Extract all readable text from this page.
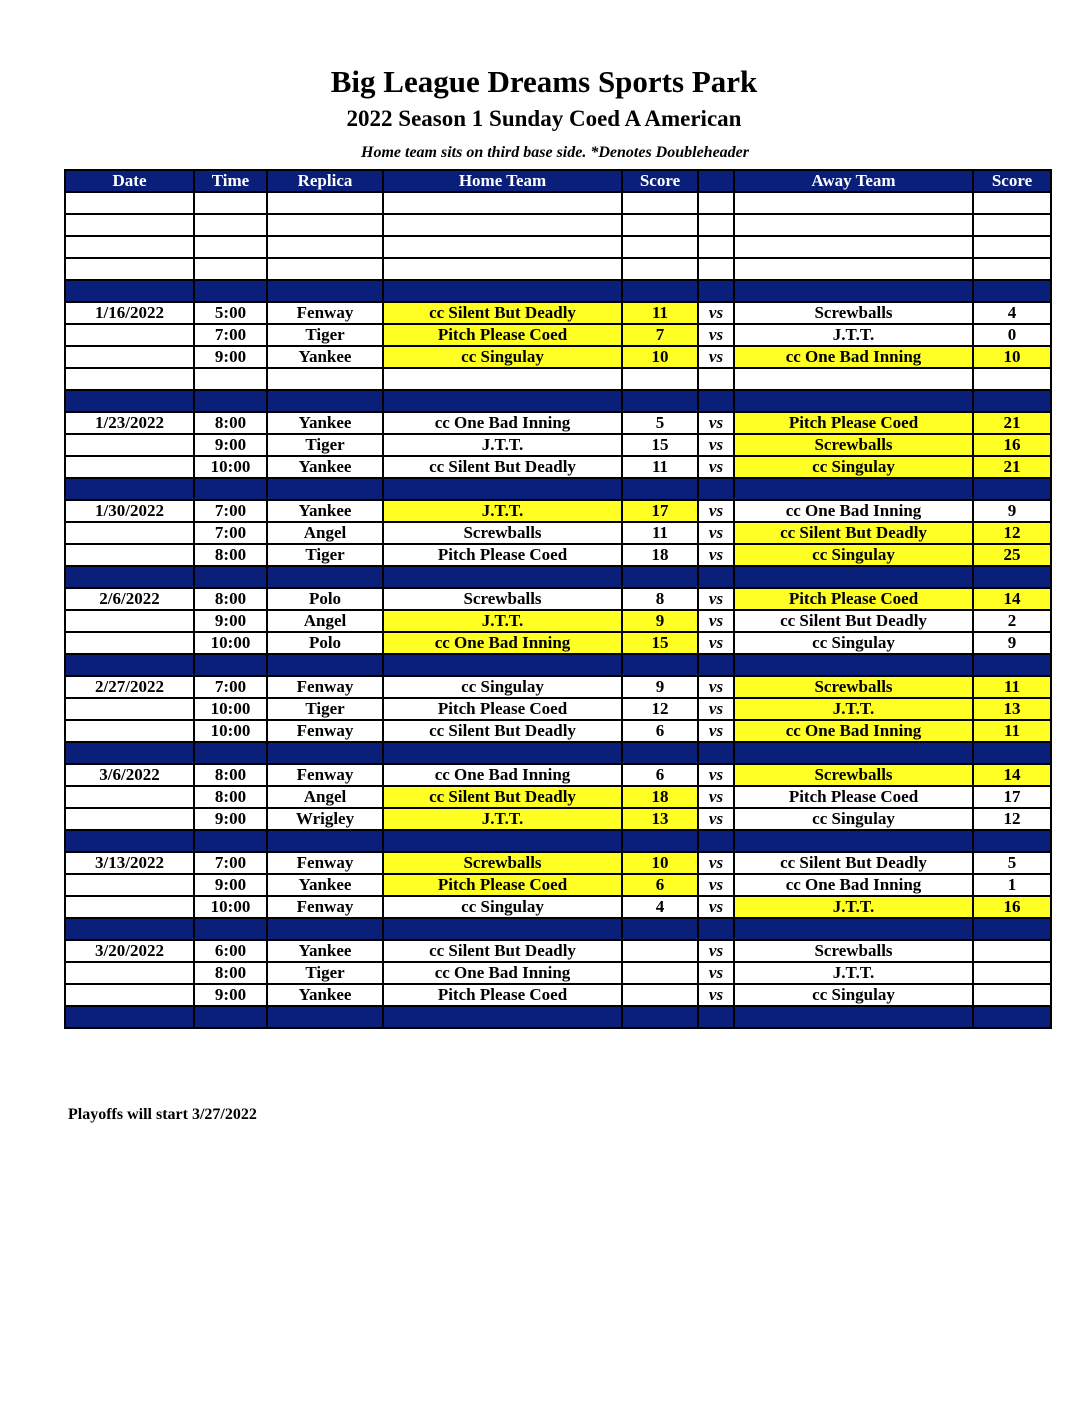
Big League Dreams Sports Park
2022 Season 1 Sunday Coed A American

Home team sits on third base side. *Denotes Doubleheader

Date	Time	Replica	Home Team	Score		Away Team	Score

1/16/2022	5:00	Fenway	cc Silent But Deadly	11	vs	Screwballs	4
	7:00	Tiger	Pitch Please Coed	7	vs	J.T.T.	0
	9:00	Yankee	cc Singulay	10	vs	cc One Bad Inning	10

1/23/2022	8:00	Yankee	cc One Bad Inning	5	vs	Pitch Please Coed	21
	9:00	Tiger	J.T.T.	15	vs	Screwballs	16
	10:00	Yankee	cc Silent But Deadly	11	vs	cc Singulay	21

1/30/2022	7:00	Yankee	J.T.T.	17	vs	cc One Bad Inning	9
	7:00	Angel	Screwballs	11	vs	cc Silent But Deadly	12
	8:00	Tiger	Pitch Please Coed	18	vs	cc Singulay	25

2/6/2022	8:00	Polo	Screwballs	8	vs	Pitch Please Coed	14
	9:00	Angel	J.T.T.	9	vs	cc Silent But Deadly	2
	10:00	Polo	cc One Bad Inning	15	vs	cc Singulay	9

2/27/2022	7:00	Fenway	cc Singulay	9	vs	Screwballs	11
	10:00	Tiger	Pitch Please Coed	12	vs	J.T.T.	13
	10:00	Fenway	cc Silent But Deadly	6	vs	cc One Bad Inning	11

3/6/2022	8:00	Fenway	cc One Bad Inning	6	vs	Screwballs	14
	8:00	Angel	cc Silent But Deadly	18	vs	Pitch Please Coed	17
	9:00	Wrigley	J.T.T.	13	vs	cc Singulay	12

3/13/2022	7:00	Fenway	Screwballs	10	vs	cc Silent But Deadly	5
	9:00	Yankee	Pitch Please Coed	6	vs	cc One Bad Inning	1
	10:00	Fenway	cc Singulay	4	vs	J.T.T.	16

3/20/2022	6:00	Yankee	cc Silent But Deadly		vs	Screwballs	
	8:00	Tiger	cc One Bad Inning		vs	J.T.T.	
	9:00	Yankee	Pitch Please Coed		vs	cc Singulay	

Playoffs will start 3/27/2022
